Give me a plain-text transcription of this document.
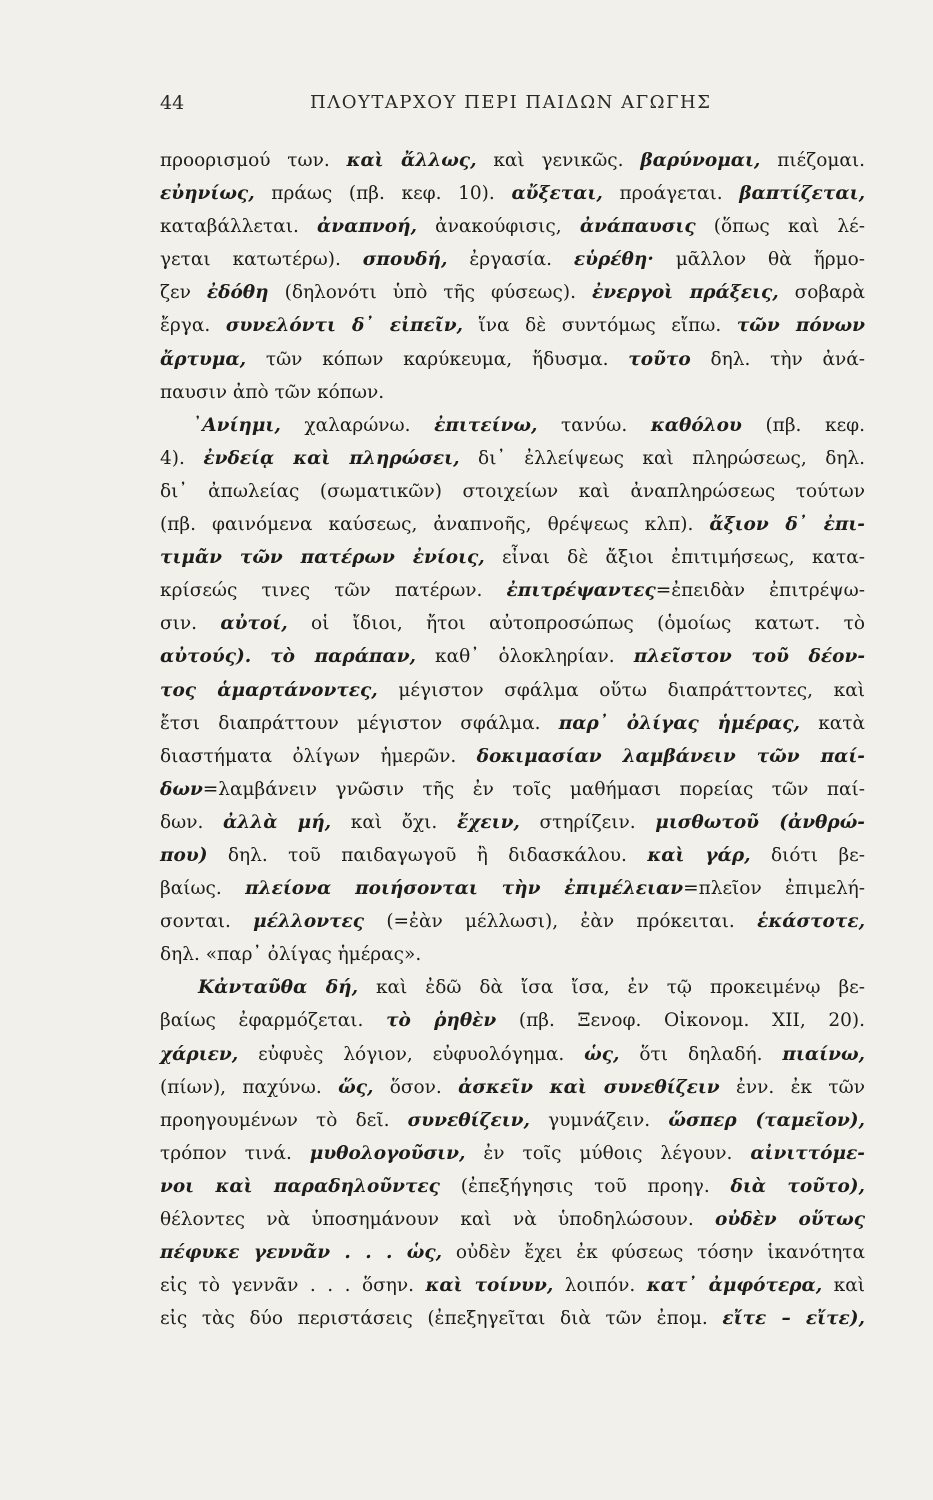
44	ΠΛΟΥΤΑΡΧΟΥ ΠΕΡΙ ΠΑΙΔΩΝ ΑΓΩΓΗΣ
προορισμού των. καὶ ἄλλως, καὶ γενικῶς. βαρύνομαι, πιέζομαι.
εὐηνίως, πράως (πβ. κεφ. 10). αὔξεται, προάγεται. βαπτίζεται,
καταβάλλεται. ἀναπνοή, ἀνακούφισις, ἀνάπαυσις (ὅπως καὶ λέ-
γεται κατωτέρω). σπουδή, ἐργασία. εὑρέθη· μᾶλλον θὰ ἥρμο-
ζεν ἐδόθη (δηλονότι ὑπὸ τῆς φύσεως). ἐνεργοὶ πράξεις, σοβαρὰ
ἔργα. συνελόντι δ᾽ εἰπεῖν, ἵνα δὲ συντόμως εἴπω. τῶν πόνων
ἄρτυμα, τῶν κόπων καρύκευμα, ἥδυσμα. τοῦτο δηλ. τὴν ἀνά-
παυσιν ἀπὸ τῶν κόπων.
᾽Ανίημι, χαλαρώνω. ἐπιτείνω, τανύω. καθόλου (πβ. κεφ.
4). ἐνδείᾳ καὶ πληρώσει, δι᾽ ἐλλείψεως καὶ πληρώσεως, δηλ.
δι᾽ ἀπωλείας (σωματικῶν) στοιχείων καὶ ἀναπληρώσεως τούτων
(πβ. φαινόμενα καύσεως, ἀναπνοῆς, θρέψεως κλπ). ἄξιον δ᾽ ἐπι-
τιμᾶν τῶν πατέρων ἐνίοις, εἶναι δὲ ἄξιοι ἐπιτιμήσεως, κατα-
κρίσεώς τινες τῶν πατέρων. ἐπιτρέψαντες=ἐπειδὰν ἐπιτρέψω-
σιν. αὐτοί, οἱ ἴδιοι, ἤτοι αὐτοπροσώπως (ὁμοίως κατωτ. τὸ
αὐτούς). τὸ παράπαν, καθ᾽ ὁλοκληρίαν. πλεῖστον τοῦ δέον-
τος ἁμαρτάνοντες, μέγιστον σφάλμα οὕτω διαπράττοντες, καὶ
ἔτσι διαπράττουν μέγιστον σφάλμα. παρ᾽ ὀλίγας ἡμέρας, κατὰ
διαστήματα ὀλίγων ἡμερῶν. δοκιμασίαν λαμβάνειν τῶν παί-
δων=λαμβάνειν γνῶσιν τῆς ἐν τοῖς μαθήμασι πορείας τῶν παί-
δων. ἀλλὰ μή, καὶ ὄχι. ἔχειν, στηρίζειν. μισθωτοῦ (ἀνθρώ-
που) δηλ. τοῦ παιδαγωγοῦ ἢ διδασκάλου. καὶ γάρ, διότι βε-
βαίως. πλείονα ποιήσονται τὴν ἐπιμέλειαν=πλεῖον ἐπιμελή-
σονται. μέλλοντες (=ἐὰν μέλλωσι), ἐὰν πρόκειται. ἑκάστοτε,
δηλ. «παρ᾽ ὀλίγας ἡμέρας».
Κἀνταῦθα δή, καὶ ἐδῶ δὰ ἴσα ἴσα, ἐν τῷ προκειμένῳ βε-
βαίως ἐφαρμόζεται. τὸ ῥηθὲν (πβ. Ξενοφ. Οἰκονομ. XII, 20).
χάριεν, εὐφυὲς λόγιον, εὐφυολόγημα. ὡς, ὅτι δηλαδή. πιαίνω,
(πίων), παχύνω. ὥς, ὅσον. ἀσκεῖν καὶ συνεθίζειν ἐνν. ἐκ τῶν
προηγουμένων τὸ δεῖ. συνεθίζειν, γυμνάζειν. ὥσπερ (ταμεῖον),
τρόπον τινά. μυθολογοῦσιν, ἐν τοῖς μύθοις λέγουν. αἰνιττόμε-
νοι καὶ παραδηλοῦντες (ἐπεξήγησις τοῦ προηγ. διὰ τοῦτο),
θέλοντες νὰ ὑποσημάνουν καὶ νὰ ὑποδηλώσουν. οὐδὲν οὕτως
πέφυκε γεννᾶν . . . ὡς, οὐδὲν ἔχει ἐκ φύσεως τόσην ἱκανότητα
εἰς τὸ γεννᾶν . . . ὅσην. καὶ τοίνυν, λοιπόν. κατ᾽ ἀμφότερα, καὶ
εἰς τὰς δύο περιστάσεις (ἐπεξηγεῖται διὰ τῶν ἐπομ. εἴτε – εἴτε),
